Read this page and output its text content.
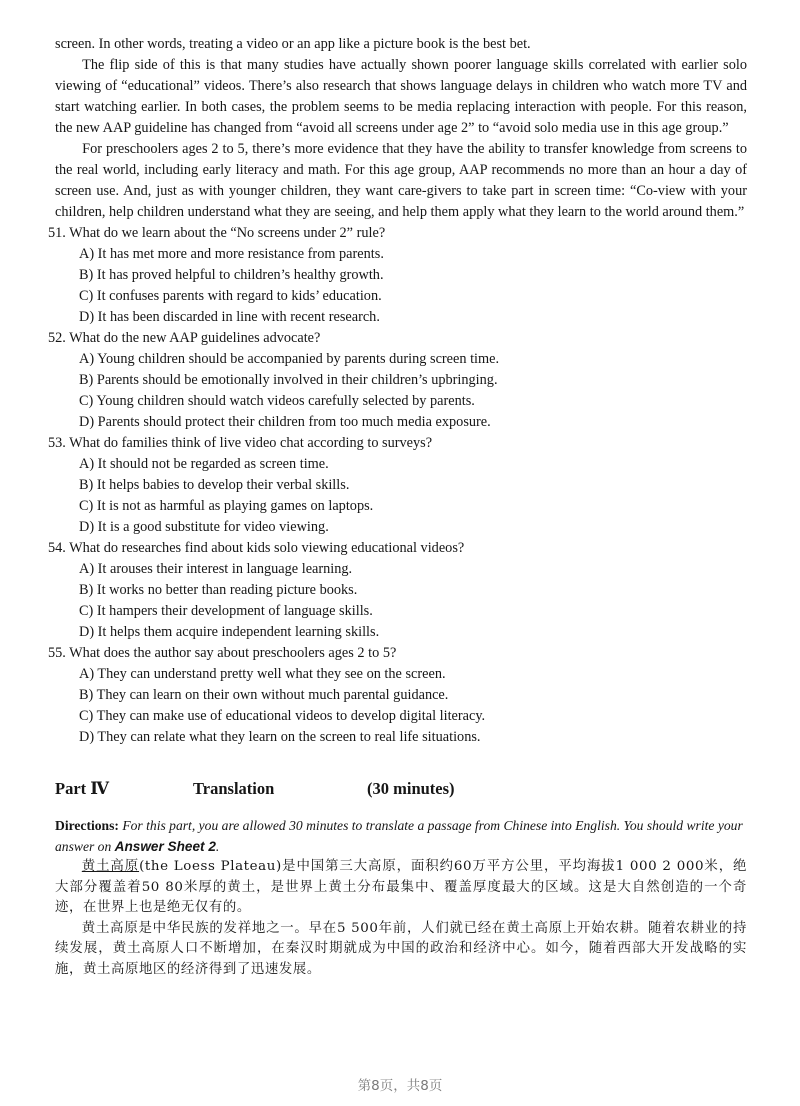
screen. In other words, treating a video or an app like a picture book is the best bet.

The flip side of this is that many studies have actually shown poorer language skills correlated with earlier solo viewing of “educational” videos. There’s also research that shows language delays in children who watch more TV and start watching earlier. In both cases, the problem seems to be media replacing interaction with people. For this reason, the new AAP guideline has changed from “avoid all screens under age 2” to “avoid solo media use in this age group.”

For preschoolers ages 2 to 5, there’s more evidence that they have the ability to transfer knowledge from screens to the real world, including early literacy and math. For this age group, AAP recommends no more than an hour a day of screen use. And, just as with younger children, they want care-givers to take part in screen time: “Co-view with your children, help children understand what they are seeing, and help them apply what they learn to the world around them.”

51. What do we learn about the “No screens under 2” rule?

A) It has met more and more resistance from parents.

B) It has proved helpful to children’s healthy growth.

C) It confuses parents with regard to kids’ education.

D) It has been discarded in line with recent research.

52. What do the new AAP guidelines advocate?

A) Young children should be accompanied by parents during screen time.

B) Parents should be emotionally involved in their children’s upbringing.

C) Young children should watch videos carefully selected by parents.

D) Parents should protect their children from too much media exposure.

53. What do families think of live video chat according to surveys?

A) It should not be regarded as screen time.

B) It helps babies to develop their verbal skills.

C) It is not as harmful as playing games on laptops.

D) It is a good substitute for video viewing.

54. What do researches find about kids solo viewing educational videos?

A) It arouses their interest in language learning.

B) It works no better than reading picture books.

C) It hampers their development of language skills.

D) It helps them acquire independent learning skills.

55. What does the author say about preschoolers ages 2 to 5?

A) They can understand pretty well what they see on the screen.

B) They can learn on their own without much parental guidance.

C) They can make use of educational videos to develop digital literacy.

D) They can relate what they learn on the screen to real life situations.

Part Ⅳ	Translation	(30 minutes)

Directions: For this part, you are allowed 30 minutes to translate a passage from Chinese into English. You should write your answer on Answer Sheet 2.

黄土高原(the Loess Plateau)是中国第三大高原，面积约60万平方公里，平均海拔1 000 2 000米，绝大部分覆盖着50 80米厚的黄土，是世界上黄土分布最集中、覆盖厚度最大的区域。这是大自然创造的一个奇迹，在世界上也是绝无仅有的。

黄土高原是中华民族的发祥地之一。早在5 500年前，人们就已经在黄土高原上开始农耕。随着农耕业的持续发展，黄土高原人口不断增加，在秦汉时期就成为中国的政治和经济中心。如今，随着西部大开发战略的实施，黄土高原地区的经济得到了迅速发展。

第8页，共8页
